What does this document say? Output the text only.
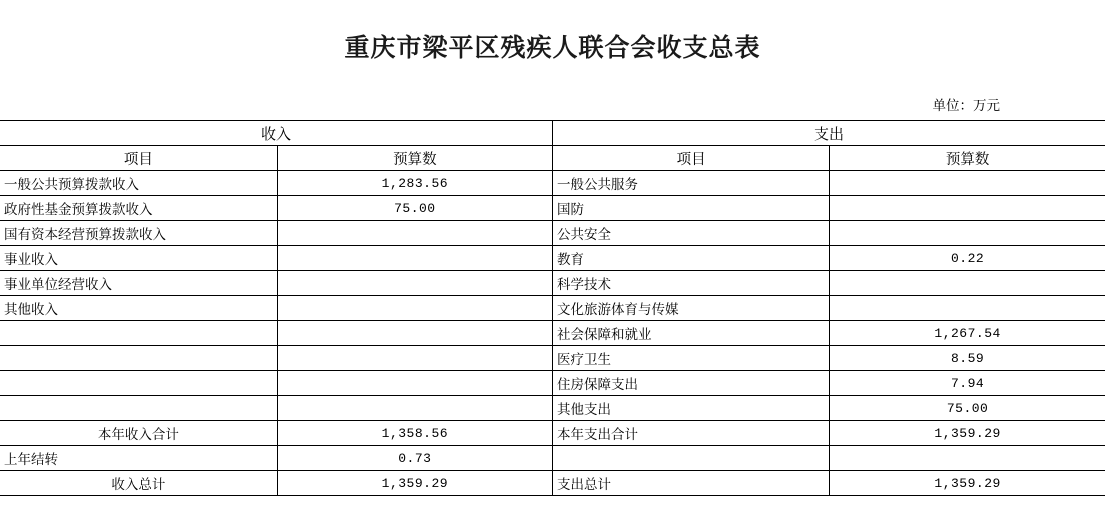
重庆市梁平区残疾人联合会收支总表
单位：万元
收入		支出	
项目	预算数	项目	预算数
一般公共预算拨款收入	1,283.56	一般公共服务	
政府性基金预算拨款收入	75.00	国防	
国有资本经营预算拨款收入		公共安全	
事业收入		教育	0.22
事业单位经营收入		科学技术	
其他收入		文化旅游体育与传媒	
		社会保障和就业	1,267.54
		医疗卫生	8.59
		住房保障支出	7.94
		其他支出	75.00
本年收入合计	1,358.56	本年支出合计	1,359.29
上年结转	0.73		
收入总计	1,359.29	支出总计	1,359.29
